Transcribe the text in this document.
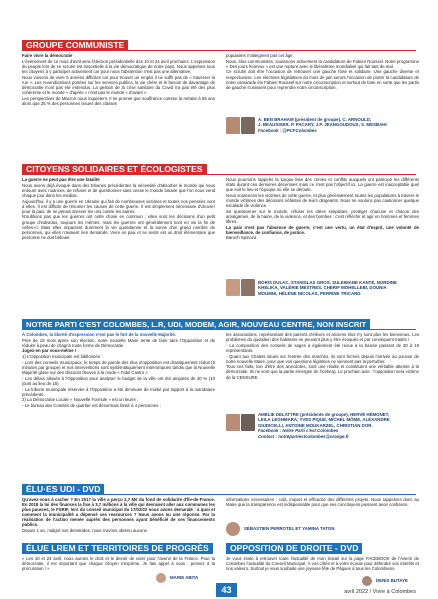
GROUPE COMMUNISTE

Faire vivre la démocratie

L'évènement de ce mois d'avril sera l'élection présidentielle des 10 et 24 avril prochains. L'expression du peuple lors de ce scrutin est essentielle à la vie démocratique de notre pays. Nous appelons tous les citoyens à y participer activement car pour nous l'abstention n'est pas une alternative.

Nous voisons de vivre 5 années difficiles car pour trouver un emploi il ne suffit pas de « traverser la rue ». Les revendications portées sur les services publics, la vie chère et le besoin de davantage de démocratie n'ont pas été entendus. La gestion de la crise sanitaire du Covid n'a pas été des plus cohérente et le monde « d'après » n'est pas le monde « d'avant ».

Les perspectives de Macron nous inquiètent. Il ne promet que souffrance comme la retraite à 65 ans alors que 25 % des personnes issues des classes

populaires n'atteignent pas cet âge.

Nous, élus communistes, soutenons activement la candidature de Fabien Roussel. Notre programme « Des jours heureux » est une rupture avec le libéralisme mondialisé qui fait tant de mal.

Ce scrutin doit être l'occasion de retrouver une gauche forte et solidaire. Une gauche diverse et respectueuse. Les élections législatives du mois de juin seront l'occasion de porter la candidature de notre camarade élu Fabien Roussel sur notre circonscription et surtout de faire en sorte que les partis de gauche s'unissent pour reprendre notre circonscription.

A. BEN BRAHAM (président de groupe), C. ARNOULD,
J. BEAUSSIER, P. PACARY, J.P. JEANGOUDOUX, S. MESBAHI
Facebook : @PCFColombes
CITOYENS SOLIDAIRES ET ÉCOLOGISTES

La guerre ne peut pas être une fatalité

Nous avons déjà évoqué dans des tribunes précédentes la nécessité d'absorber le monde qui nous entoure avec nuances, de refuser et de questionner sans cesse le monde binaire que l'on nous vend chaque jour dans les médias.

Aujourd'hui, il y a une guerre en Ukraine qui fait de nombreuses victimes et toutes nos pensées vont à elles. Il est difficile de résumer les causes de cette guerre. Il est simplement nécessaire d'œuvrer pour la paix, de ne jamais dresser les uns contre les autres.

N'oublions pas que les guerres ont cette chose en commun : elles sont les décisions d'un petit groupe d'individus, toujours les mêmes, mais les guerres ont généralement sont en vie la fin de celles-ci. Mais elles impactent durement la vie quotidienne et la survie d'un grand nombre de personnes, qui elles n'avaient rien demandé. Vivre en paix et se sentir est un droit élémentaire que personne ne doit bafouer.

Nous pourrions rappeler la longue liste des crimes et conflits auxquels ont participé les différents états durant ces dernières décennies mais ce n'est pas l'objectif ici. La guerre est inacceptable quel que soit le lieu et l'époque où elle se déroule.

Nous soutenons les victimes de cette guerre, et plus généralement toutes les populations à travers le monde victimes des décisions néfastes de leurs dirigeants. Nous ne voulons pas cautionner quelque escalade de violence.

Se questionner sur le monde, refuser les idées simplistes, protéger chacune et chacun des amalgames, de la haine, de la violence, et des bombes : c'est réfléchir et agir en hommes et femmes libres.

La paix n'est pas l'absence de guerre, c'est une vertu, un état d'esprit, une volonté de bienveillance, de confiance, de justice.

Baruch Spinoza

BORIS DULAC, STANISLAS GROS, SULEIMANE KANTÉ, NORDINE
KHELIKA, VALÉRIE MESTRES, CHERIF MOHELLEBI, DOUNIA
MOUMNI, HÉLÈNE NICOLAS, PERRINE TRICARD
NOTRE PARTI C'EST COLOMBES, L.R, UDI, MODEM, AGIR, NOUVEAU CENTRE, NON INSCRIT

À Colombes, la liberté d'expression n'est pas le fort de la nouvelle Majorité.

Près de 18 mois après son élection, notre nouvelle Maire tente de faire taire l'Opposition et de réduire à peau de chagrin toute forme de Démocratie.

Jugez-en par vous-même !

1) L'Opposition municipale est bâillonnée :

- Lors des conseils municipaux, le temps de parole des élus d'opposition est drastiquement réduit (5 minutes par groupe) et nos interventions sont systématiquement interrompues tandis que la Nouvelle Majorité glose sur des discours fleuves à la mode « Fidel Castro ».

- Les délais alloués à l'Opposition pour analyser le budget de la ville ont été amputés de 30 % (10 jours au lieu de 15).

- La tribune municipale réservée à l'Opposition a été diminuée de moitié par rapport à la mandature précédente.

2) La Démocratie Locale « Nouvelle Formule » est un leurre :

- Le bureau des Comités de quartier est désormais limité à 4 personnes :

les associations, représentant des parents d'élèves et anciens élus n'y sont plus les bienvenus. Les problèmes du quotidien des habitants ne peuvent plus y être évoqués et par conséquent traités !

- La composition des conseils de sages a également été revue à la baisse passant de 30 à 19 représentants.

- Quant aux Chalets situés sur l'entrée des marchés, ils sont fermés depuis l'arrivée au pouvoir de notre nouvelle Maire, pour que vos questions légitimes ne viennent pas la perturber.

Tous ces faits, loin d'être des anecdotes, sont une réalité et constituent une véritable atteinte à la démocratie. Ils ne sont que la partie émergée de l'iceberg. Le prochain acte : l'opposition sera victime de la CENSURE.

AMÉLIE DELATTRE (présidente de groupe), HERVÉ HÉMONET,
LEILA LEGHMARA, YVES PIQUE, MICHEL MÔME, ALEXANDRE
GIUDICELLI, ANTOINE MOUKARZEL, CHRISTIAN DOR.
Facebook : Notre Parti c'est Colombes
Contact : notrepartiestcolombes@orange.fr
ÉLU·ES UDI - DVD

Qu'avez-vous à cacher ? En 2017 la ville a perçu 2,7 M€ du fond de solidarité d'Île-de-France. En 2018 la loi des finances la fixe à 3,7 millions à la ville qui devraient aller aux communes les plus pauvres, le FSRIF, lors du conseil municipal du 17/02/22 nous avons demandé : à quoi et comment la municipalité a dépensé ces ressources ? Nous avons eu une réponse. Par la réalisation de l'action menée auprès des personnes ayant bénéficié de ces financements publics.

Depuis 1 an, malgré nos demandes, nous n'avons obtenu aucune

informations nécessaires : coût, impact et efficacité des différents projets. Nous rappelons donc au Maire que la transparence est indispensable pour que ses concitoyens puissent avoir confiance.

SÉBASTIEN PERROTEL ET YAMINA TATON
ÉLUE LREM ET TERRITOIRES DE PROGRÈS
« Les 10 et 24 avril, nous aurons le droit et le devoir de voter pour l'avenir de la France. Pour la démocratie, il est important que chaque citoyen s'exprime. Je fais appel à vous : pensez à la procuration ! »
MARIE ABITA
OPPOSITION DE DROITE - DVD
Je vous invite à retrouver toute l'actualité de mon travail sur la page FACEBOOK de l'Avenir de Colombes l'actualité du Conseil Municipal. À vos côtés et à votre écoute pour défendre vos intérêts et nos valeurs. Surtout je vous souhaite une joyeuse fête de Pâques à tous les Colombiens.
DENIS BUTAYE
43	avril 2022 / Vivre à Colombes
